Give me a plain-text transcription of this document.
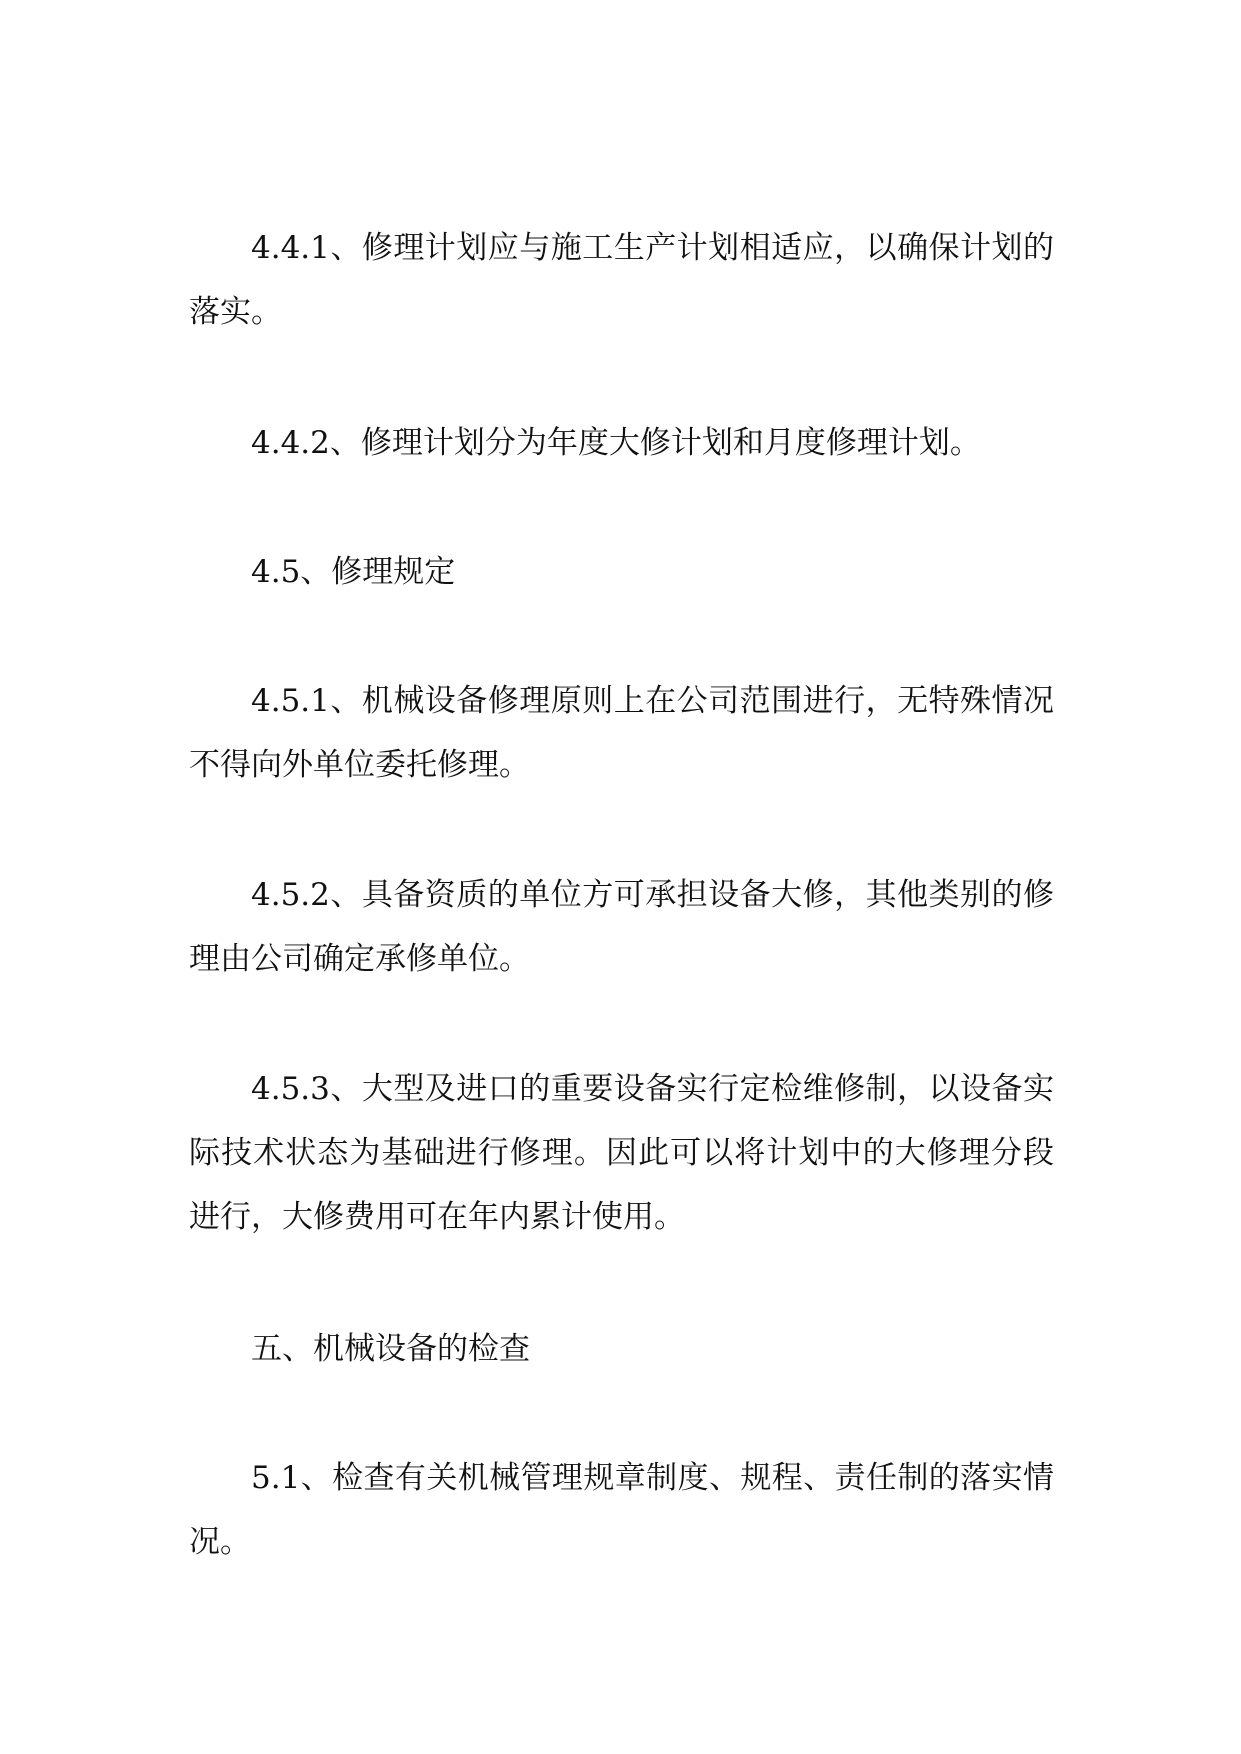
4.4.1、修理计划应与施工生产计划相适应，以确保计划的落实。

4.4.2、修理计划分为年度大修计划和月度修理计划。

4.5、修理规定

4.5.1、机械设备修理原则上在公司范围进行，无特殊情况不得向外单位委托修理。

4.5.2、具备资质的单位方可承担设备大修，其他类别的修理由公司确定承修单位。

4.5.3、大型及进口的重要设备实行定检维修制，以设备实际技术状态为基础进行修理。因此可以将计划中的大修理分段进行，大修费用可在年内累计使用。

五、机械设备的检查

5.1、检查有关机械管理规章制度、规程、责任制的落实情况。
